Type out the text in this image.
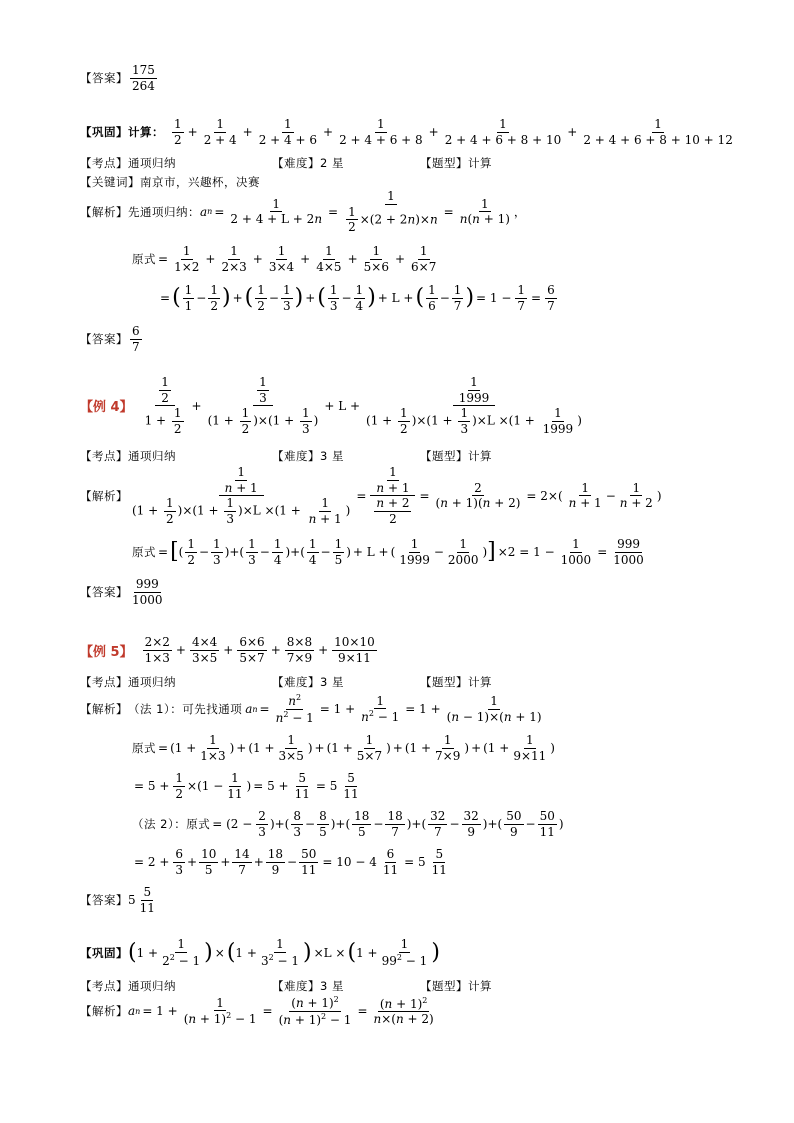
【答案】 $\frac{175}{264}$
【巩固】计算： $\frac{1}{2} + \frac{1}{2 + 4} + \frac{1}{2 + 4 + 6} + \frac{1}{2 + 4 + 6 + 8} + \frac{1}{2 + 4 + 6 + 8 + 10} + \frac{1}{2 + 4 + 6 + 8 + 10 + 12}$
【考点】 通项归纳	【难度】 2 星	【题型】 计算
【关键词】 南京市，兴趣杯，决赛
【解析】 先通项归纳： a $n = \frac{1}{2 + 4 + L + 2n} = \frac{1}{\frac{1}{2} \times(2 + 2n)\times n} = \frac{1}{n(n + 1)}$ ，
原式 = $\frac{1}{1\times 2} + \frac{1}{2\times 3} + \frac{1}{3\times 4} + \frac{1}{4\times 5} + \frac{1}{5\times 6} + \frac{1}{6\times 7}$
= ( $\frac{1}{1} - \frac{1}{2}$ ) + ( $\frac{1}{2} - \frac{1}{3}$ ) + ( $\frac{1}{3} - \frac{1}{4}$ ) + L + ( $\frac{1}{6} - \frac{1}{7}$ ) = $1 - \frac{1}{7} = \frac{6}{7}$
【答案】 $\frac{6}{7}$
【例 4】 $\frac{\frac{1}{2}}{1 + \frac{1}{2}} + \frac{\frac{1}{3}}{(1 + \frac{1}{2} )\times(1 + \frac{1}{3} )} + L + \frac{\frac{1}{1999}}{(1 + \frac{1}{2} )\times(1 + \frac{1}{3} )\times L \times(1 + \frac{1}{1999} )}$
【考点】 通项归纳	【难度】 3 星	【题型】 计算
【解析】 $\frac{\frac{1}{n + 1}}{(1 + \frac{1}{2} )\times(1 + \frac{1}{3} )\times L \times(1 + \frac{1}{n + 1} )} = \frac{\frac{1}{n + 1}}{\frac{n + 2}{2}} = \frac{2}{(n + 1)(n + 2)} = 2\times( \frac{1}{n + 1} - \frac{1}{n + 2}$ )
原式 = [ ( $\frac{1}{2} - \frac{1}{3}$ )+( $\frac{1}{3} - \frac{1}{4}$ )+( $\frac{1}{4} - \frac{1}{5}$ ) + L + ( $\frac{1}{1999} - \frac{1}{2000}$ ) ] $\times 2 = 1 - \frac{1}{1000} = \frac{999}{1000}$
【答案】 $\frac{999}{1000}$
【例 5】 $\frac{2\times 2}{1\times 3} + \frac{4\times 4}{3\times 5} + \frac{6\times 6}{5\times 7} + \frac{8\times 8}{7\times 9} + \frac{10\times 10}{9\times 11}$
【考点】 通项归纳	【难度】 3 星	【题型】 计算
【解析】 （法 1）：可先找通项 a $n = \frac{n^2}{n^2 - 1} = 1 + \frac{1}{n^2 - 1} = 1 + \frac{1}{(n - 1)\times(n + 1)}$
原式 = ($1 + \frac{1}{1\times 3}$ ) + ($1 + \frac{1}{3\times 5}$ ) + ($1 + \frac{1}{5\times 7}$ ) + ($1 + \frac{1}{7\times 9}$ ) + ($1 + \frac{1}{9\times 11}$ )
= $5 + \frac{1}{2} \times(1 - \frac{1}{11}$ ) = $5 + \frac{5}{11} = 5 \frac{5}{11}$
（法 2）：原式 = ($2 - \frac{2}{3}$ )+( $\frac{8}{3} - \frac{8}{5}$ )+( $\frac{18}{5} - \frac{18}{7}$ )+( $\frac{32}{7} - \frac{32}{9}$ )+( $\frac{50}{9} - \frac{50}{11}$ )
= $2 + \frac{6}{3} + \frac{10}{5} + \frac{14}{7} + \frac{18}{9} - \frac{50}{11} = 10 - 4 \frac{6}{11} = 5 \frac{5}{11}$
【答案】 $5 \frac{5}{11}$
【巩固】 ( $1 + \frac{1}{2^2 - 1}$ ) × ( $1 + \frac{1}{3^2 - 1}$ ) ×L × ( $1 + \frac{1}{99^2 - 1}$ )
【考点】 通项归纳	【难度】 3 星	【题型】 计算
【解析】 a $n = 1 + \frac{1}{(n + 1)^2 - 1} = \frac{(n + 1)^2}{(n + 1)^2 - 1} = \frac{(n + 1)^2}{n\times(n + 2)}$
